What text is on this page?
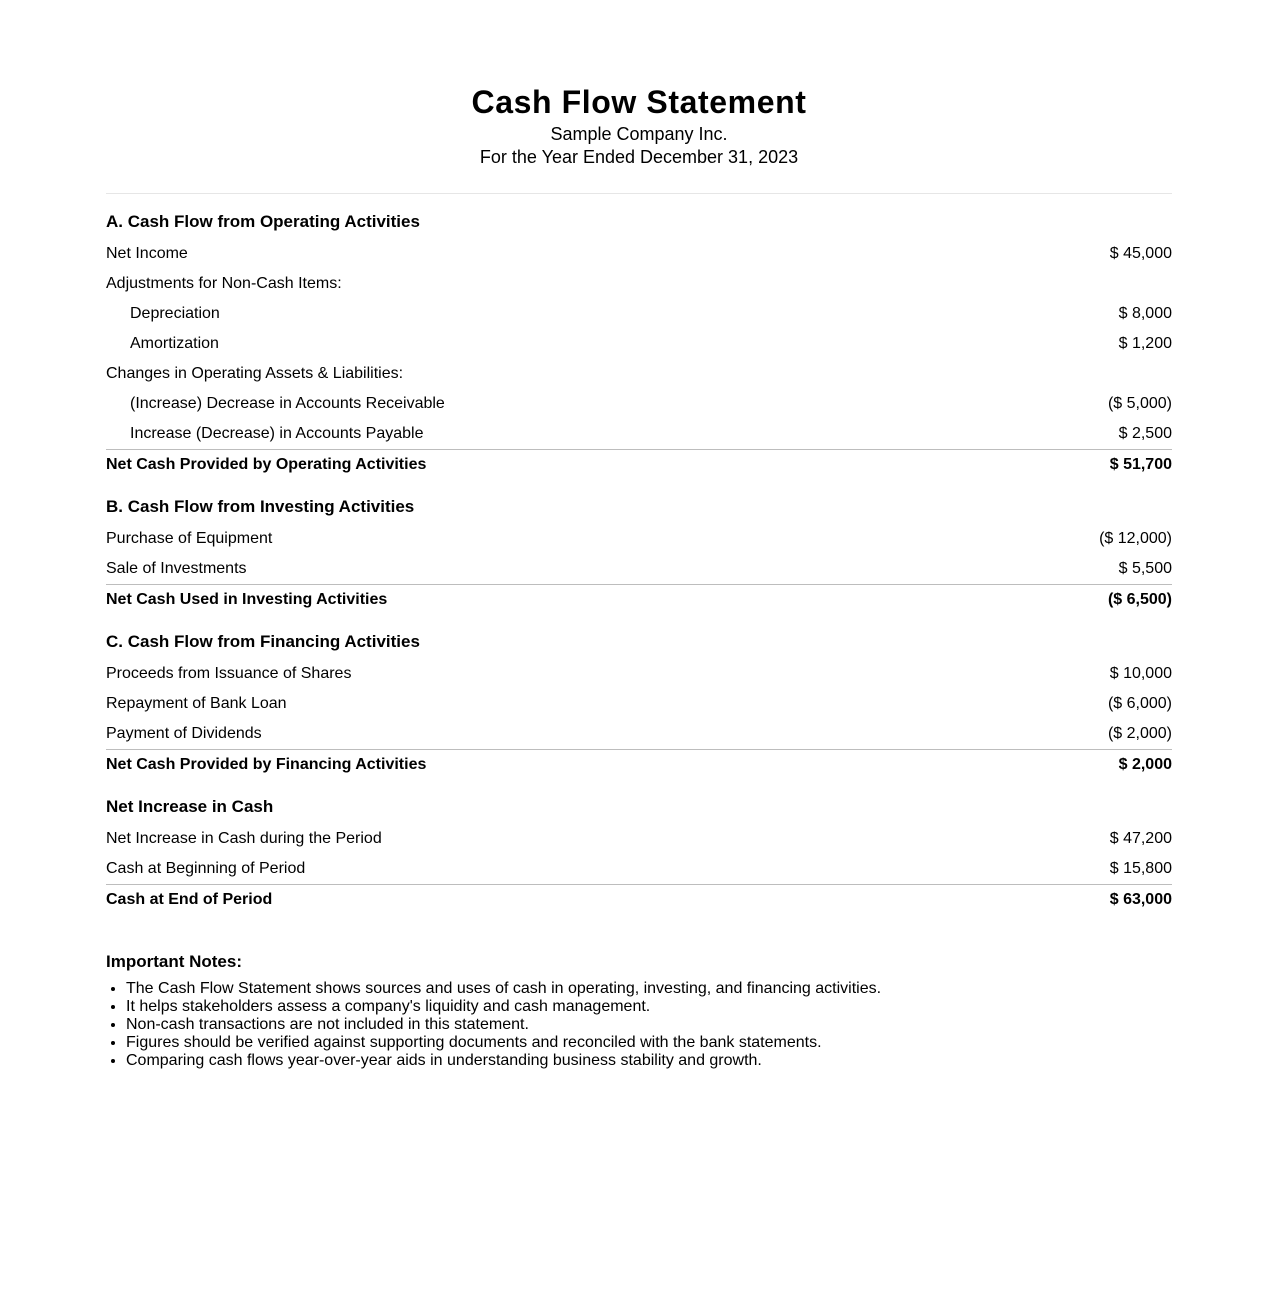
Cash Flow Statement

Sample Company Inc.

For the Year Ended December 31, 2023

A. Cash Flow from Operating Activities
Net Income	$ 45,000
Adjustments for Non-Cash Items:
Depreciation	$ 8,000
Amortization	$ 1,200
Changes in Operating Assets & Liabilities:
(Increase) Decrease in Accounts Receivable	($ 5,000)
Increase (Decrease) in Accounts Payable	$ 2,500
Net Cash Provided by Operating Activities	$ 51,700
B. Cash Flow from Investing Activities
Purchase of Equipment	($ 12,000)
Sale of Investments	$ 5,500
Net Cash Used in Investing Activities	($ 6,500)
C. Cash Flow from Financing Activities
Proceeds from Issuance of Shares	$ 10,000
Repayment of Bank Loan	($ 6,000)
Payment of Dividends	($ 2,000)
Net Cash Provided by Financing Activities	$ 2,000
Net Increase in Cash
Net Increase in Cash during the Period	$ 47,200
Cash at Beginning of Period	$ 15,800
Cash at End of Period	$ 63,000
Important Notes:
• The Cash Flow Statement shows sources and uses of cash in operating, investing, and financing activities.
• It helps stakeholders assess a company's liquidity and cash management.
• Non-cash transactions are not included in this statement.
• Figures should be verified against supporting documents and reconciled with the bank statements.
• Comparing cash flows year-over-year aids in understanding business stability and growth.
